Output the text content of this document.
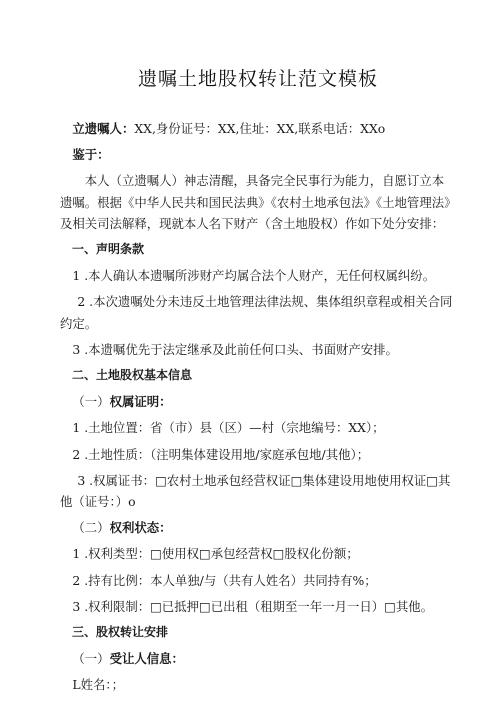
遗嘱土地股权转让范文模板

立遗嘱人：XX,身份证号：XX,住址：XX,联系电话：XXo

鉴于：

本人（立遗嘱人）神志清醒，具备完全民事行为能力，自愿订立本遗嘱。根据《中华人民共和国民法典》《农村土地承包法》《土地管理法》及相关司法解释，现就本人名下财产（含土地股权）作如下处分安排：

一、声明条款

1 .本人确认本遗嘱所涉财产均属合法个人财产，无任何权属纠纷。

2 .本次遗嘱处分未违反土地管理法律法规、集体组织章程或相关合同约定。

3 .本遗嘱优先于法定继承及此前任何口头、书面财产安排。

二、土地股权基本信息

（一）权属证明：

1 .土地位置：省（市）县（区）—村（宗地编号：XX）；

2 .土地性质：（注明集体建设用地/家庭承包地/其他）；

3 .权属证书：□农村土地承包经营权证□集体建设用地使用权证□其他（证号：）o

（二）权利状态：

1 .权利类型：□使用权□承包经营权□股权化份额；

2 .持有比例：本人单独/与（共有人姓名）共同持有%；

3 .权利限制：□已抵押□已出租（租期至一年一月一日）□其他。

三、股权转让安排

（一）受让人信息：

L姓名：；
